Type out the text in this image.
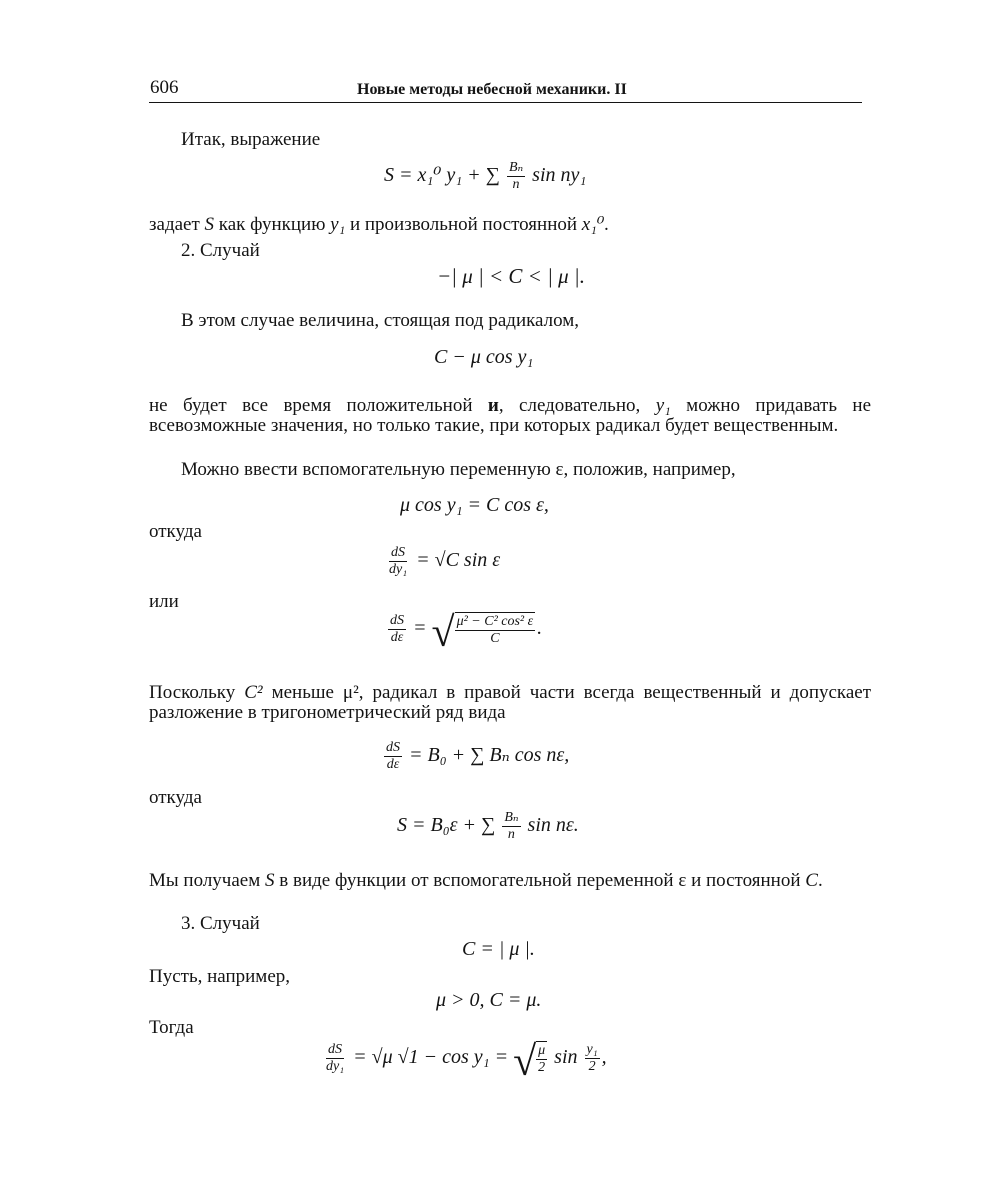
606	Новые методы небесной механики. II
Итак, выражение
S = x₁⁰ y₁ + ∑ $\frac{\text{Bₙ}}{n}$ sin ny₁
задает S как функцию y₁ и произвольной постоянной x₁⁰.
2. Случай
−| μ | < C < | μ |.
В этом случае величина, стоящая под радикалом,
C − μ cos y₁
не будет все время положительной и, следовательно, y₁ можно придавать не всевозможные значения, но только такие, при которых радикал будет вещественным.
Можно ввести вспомогательную переменную ε, положив, например,
μ cos y₁ = C cos ε,
откуда
$\frac{dS}{\text{dy₁}} = √C$ sin ε
или
$\frac{dS}{d\varepsilon}$ = √ $\frac{\text{μ² − C² cos² ε}}{C}$ .
Поскольку C² меньше μ², радикал в правой части всегда вещественный и допускает разложение в тригонометрический ряд вида
$\frac{dS}{d\varepsilon} = B_0$ + ∑ Bₙ cos nε,
откуда
S = B₀ε + ∑ $\frac{\text{Bₙ}}{n}$ sin nε.
Мы получаем S в виде функции от вспомогательной переменной ε и постоянной C.
3. Случай
C = | μ |.
Пусть, например,
μ > 0, C = μ.
Тогда
$\frac{dS}{\text{dy₁}} = √\mu$ √1 − cos y₁ = √ $\frac{\mu}{2}$ $\sin \frac{\text{y₁}}{2}$ ,
